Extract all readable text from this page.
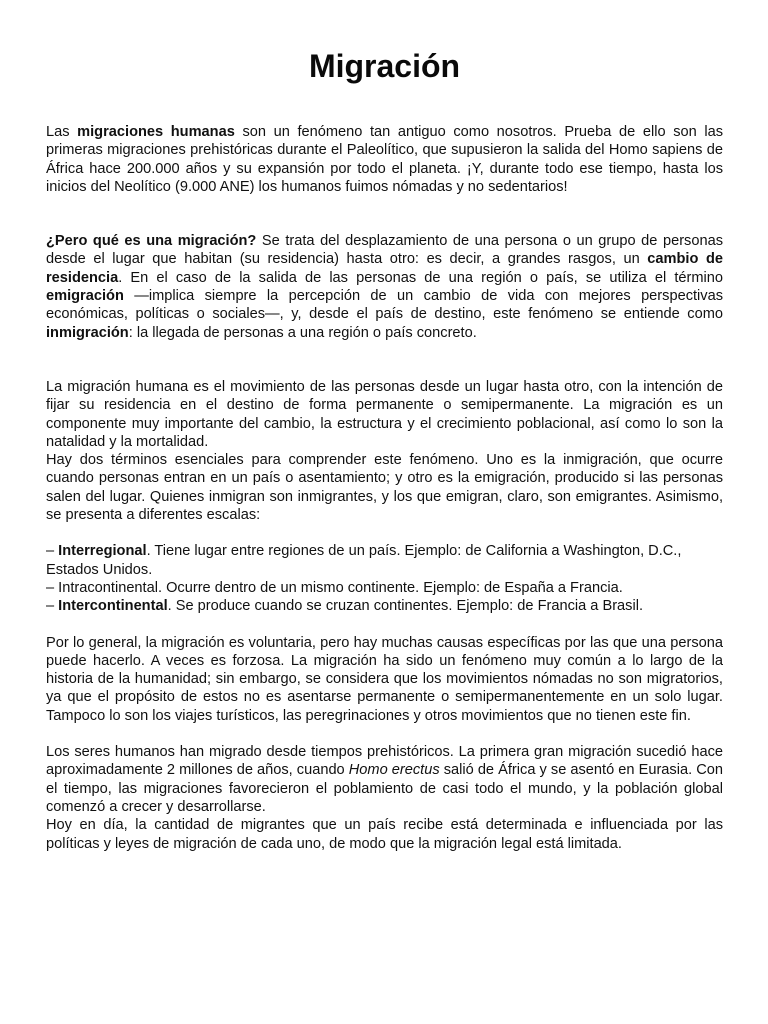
Migración

Las migraciones humanas son un fenómeno tan antiguo como nosotros. Prueba de ello son las primeras migraciones prehistóricas durante el Paleolítico, que supusieron la salida del Homo sapiens de África hace 200.000 años y su expansión por todo el planeta. ¡Y, durante todo ese tiempo, hasta los inicios del Neolítico (9.000 ANE) los humanos fuimos nómadas y no sedentarios!

¿Pero qué es una migración? Se trata del desplazamiento de una persona o un grupo de personas desde el lugar que habitan (su residencia) hasta otro: es decir, a grandes rasgos, un cambio de residencia. En el caso de la salida de las personas de una región o país, se utiliza el término emigración —implica siempre la percepción de un cambio de vida con mejores perspectivas económicas, políticas o sociales—, y, desde el país de destino, este fenómeno se entiende como inmigración: la llegada de personas a una región o país concreto.

La migración humana es el movimiento de las personas desde un lugar hasta otro, con la intención de fijar su residencia en el destino de forma permanente o semipermanente. La migración es un componente muy importante del cambio, la estructura y el crecimiento poblacional, así como lo son la natalidad y la mortalidad.

Hay dos términos esenciales para comprender este fenómeno. Uno es la inmigración, que ocurre cuando personas entran en un país o asentamiento; y otro es la emigración, producido si las personas salen del lugar. Quienes inmigran son inmigrantes, y los que emigran, claro, son emigrantes. Asimismo, se presenta a diferentes escalas:

– Interregional. Tiene lugar entre regiones de un país. Ejemplo: de California a Washington, D.C., Estados Unidos.

– Intracontinental. Ocurre dentro de un mismo continente. Ejemplo: de España a Francia.

– Intercontinental. Se produce cuando se cruzan continentes. Ejemplo: de Francia a Brasil.

Por lo general, la migración es voluntaria, pero hay muchas causas específicas por las que una persona puede hacerlo. A veces es forzosa. La migración ha sido un fenómeno muy común a lo largo de la historia de la humanidad; sin embargo, se considera que los movimientos nómadas no son migratorios, ya que el propósito de estos no es asentarse permanente o semipermanentemente en un solo lugar. Tampoco lo son los viajes turísticos, las peregrinaciones y otros movimientos que no tienen este fin.

Los seres humanos han migrado desde tiempos prehistóricos. La primera gran migración sucedió hace aproximadamente 2 millones de años, cuando Homo erectus salió de África y se asentó en Eurasia. Con el tiempo, las migraciones favorecieron el poblamiento de casi todo el mundo, y la población global comenzó a crecer y desarrollarse.

Hoy en día, la cantidad de migrantes que un país recibe está determinada e influenciada por las políticas y leyes de migración de cada uno, de modo que la migración legal está limitada.
